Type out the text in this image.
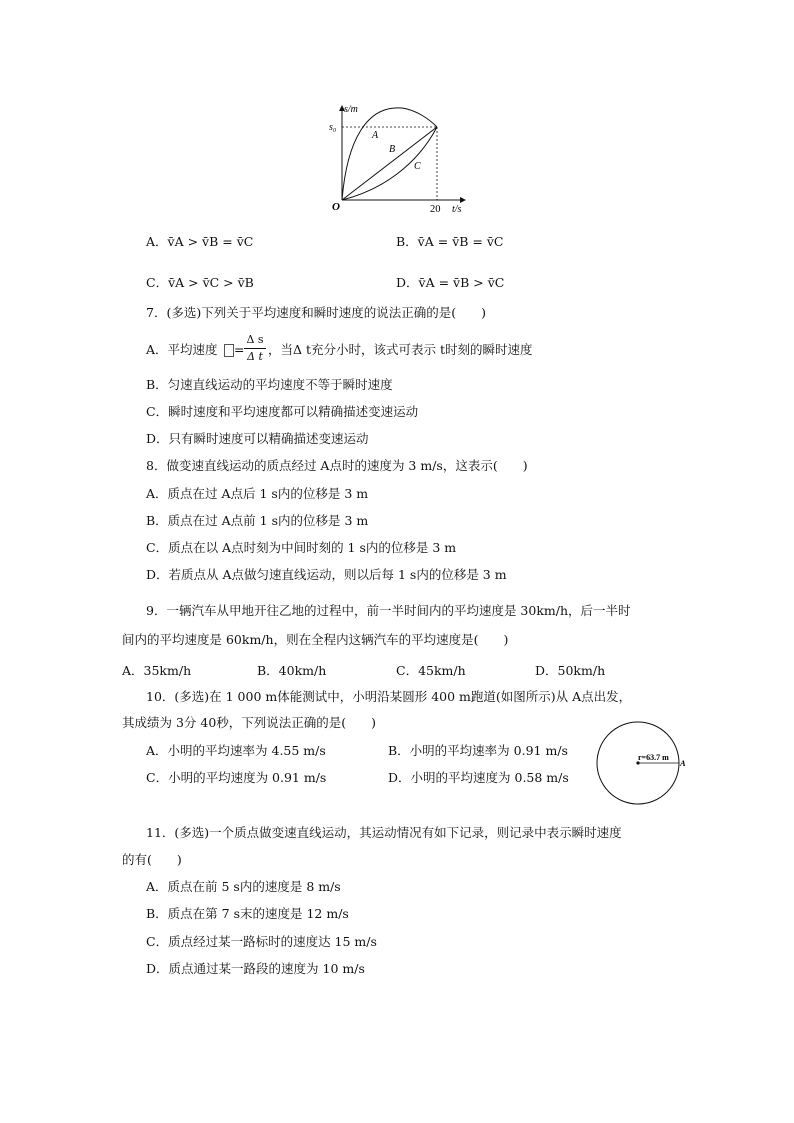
s/m
s₀
O	20 t/s
A
B
C
A．v̄A > v̄B = v̄C	B．v̄A = v̄B = v̄C
C．v̄A > v̄C > v̄B	D．v̄A = v̄B > v̄C
7．(多选)下列关于平均速度和瞬时速度的说法正确的是(　　)
A．平均速度 =
Δ s
Δ t ，当Δ t充分小时，该式可表示 t时刻的瞬时速度
B．匀速直线运动的平均速度不等于瞬时速度
C．瞬时速度和平均速度都可以精确描述变速运动
D．只有瞬时速度可以精确描述变速运动
8．做变速直线运动的质点经过 A点时的速度为 3 m/s，这表示(　　)
A．质点在过 A点后 1 s内的位移是 3 m
B．质点在过 A点前 1 s内的位移是 3 m
C．质点在以 A点时刻为中间时刻的 1 s内的位移是 3 m
D．若质点从 A点做匀速直线运动，则以后每 1 s内的位移是 3 m
9．一辆汽车从甲地开往乙地的过程中，前一半时间内的平均速度是 30km/h，后一半时
间内的平均速度是 60km/h，则在全程内这辆汽车的平均速度是(　　)
A．35km/h	B．40km/h	C．45km/h	D．50km/h
10．(多选)在 1 000 m体能测试中，小明沿某圆形 400 m跑道(如图所示)从 A点出发，
其成绩为 3分 40秒，下列说法正确的是(　　)
A．小明的平均速率为 4.55 m/s	B．小明的平均速率为 0.91 m/s
C．小明的平均速度为 0.91 m/s	D．小明的平均速度为 0.58 m/s
r=63.7 m
A
11．(多选)一个质点做变速直线运动，其运动情况有如下记录，则记录中表示瞬时速度
的有(　　)
A．质点在前 5 s内的速度是 8 m/s
B．质点在第 7 s末的速度是 12 m/s
C．质点经过某一路标时的速度达 15 m/s
D．质点通过某一路段的速度为 10 m/s
